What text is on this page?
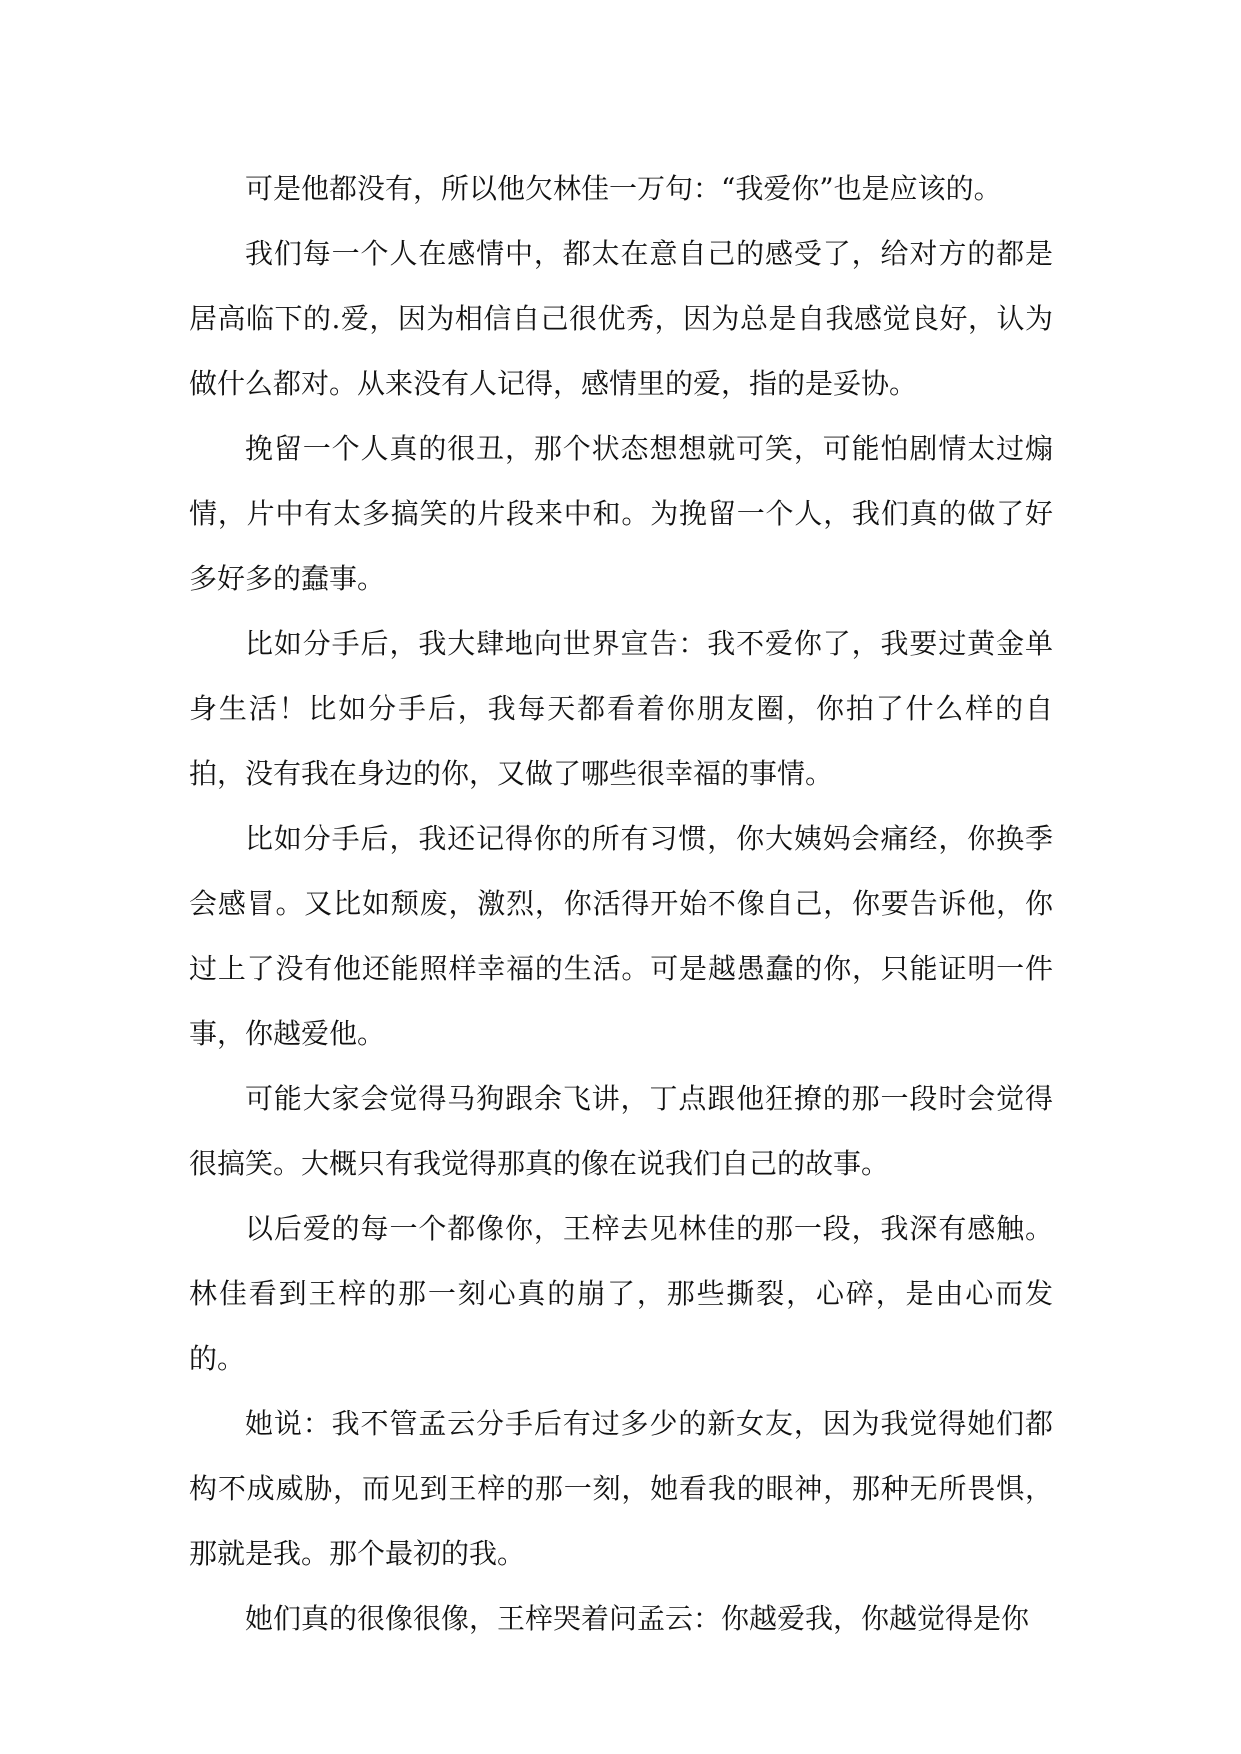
可是他都没有，所以他欠林佳一万句：“我爱你”也是应该的。

我们每一个人在感情中，都太在意自己的感受了，给对方的都是居高临下的.爱，因为相信自己很优秀，因为总是自我感觉良好，认为做什么都对。从来没有人记得，感情里的爱，指的是妥协。

挽留一个人真的很丑，那个状态想想就可笑，可能怕剧情太过煽情，片中有太多搞笑的片段来中和。为挽留一个人，我们真的做了好多好多的蠢事。

比如分手后，我大肆地向世界宣告：我不爱你了，我要过黄金单身生活！比如分手后，我每天都看着你朋友圈，你拍了什么样的自拍，没有我在身边的你，又做了哪些很幸福的事情。

比如分手后，我还记得你的所有习惯，你大姨妈会痛经，你换季会感冒。又比如颓废，激烈，你活得开始不像自己，你要告诉他，你过上了没有他还能照样幸福的生活。可是越愚蠢的你，只能证明一件事，你越爱他。

可能大家会觉得马狗跟余飞讲，丁点跟他狂撩的那一段时会觉得很搞笑。大概只有我觉得那真的像在说我们自己的故事。

以后爱的每一个都像你，王梓去见林佳的那一段，我深有感触。林佳看到王梓的那一刻心真的崩了，那些撕裂，心碎，是由心而发的。

她说：我不管孟云分手后有过多少的新女友，因为我觉得她们都构不成威胁，而见到王梓的那一刻，她看我的眼神，那种无所畏惧，那就是我。那个最初的我。

她们真的很像很像，王梓哭着问孟云：你越爱我，你越觉得是你
